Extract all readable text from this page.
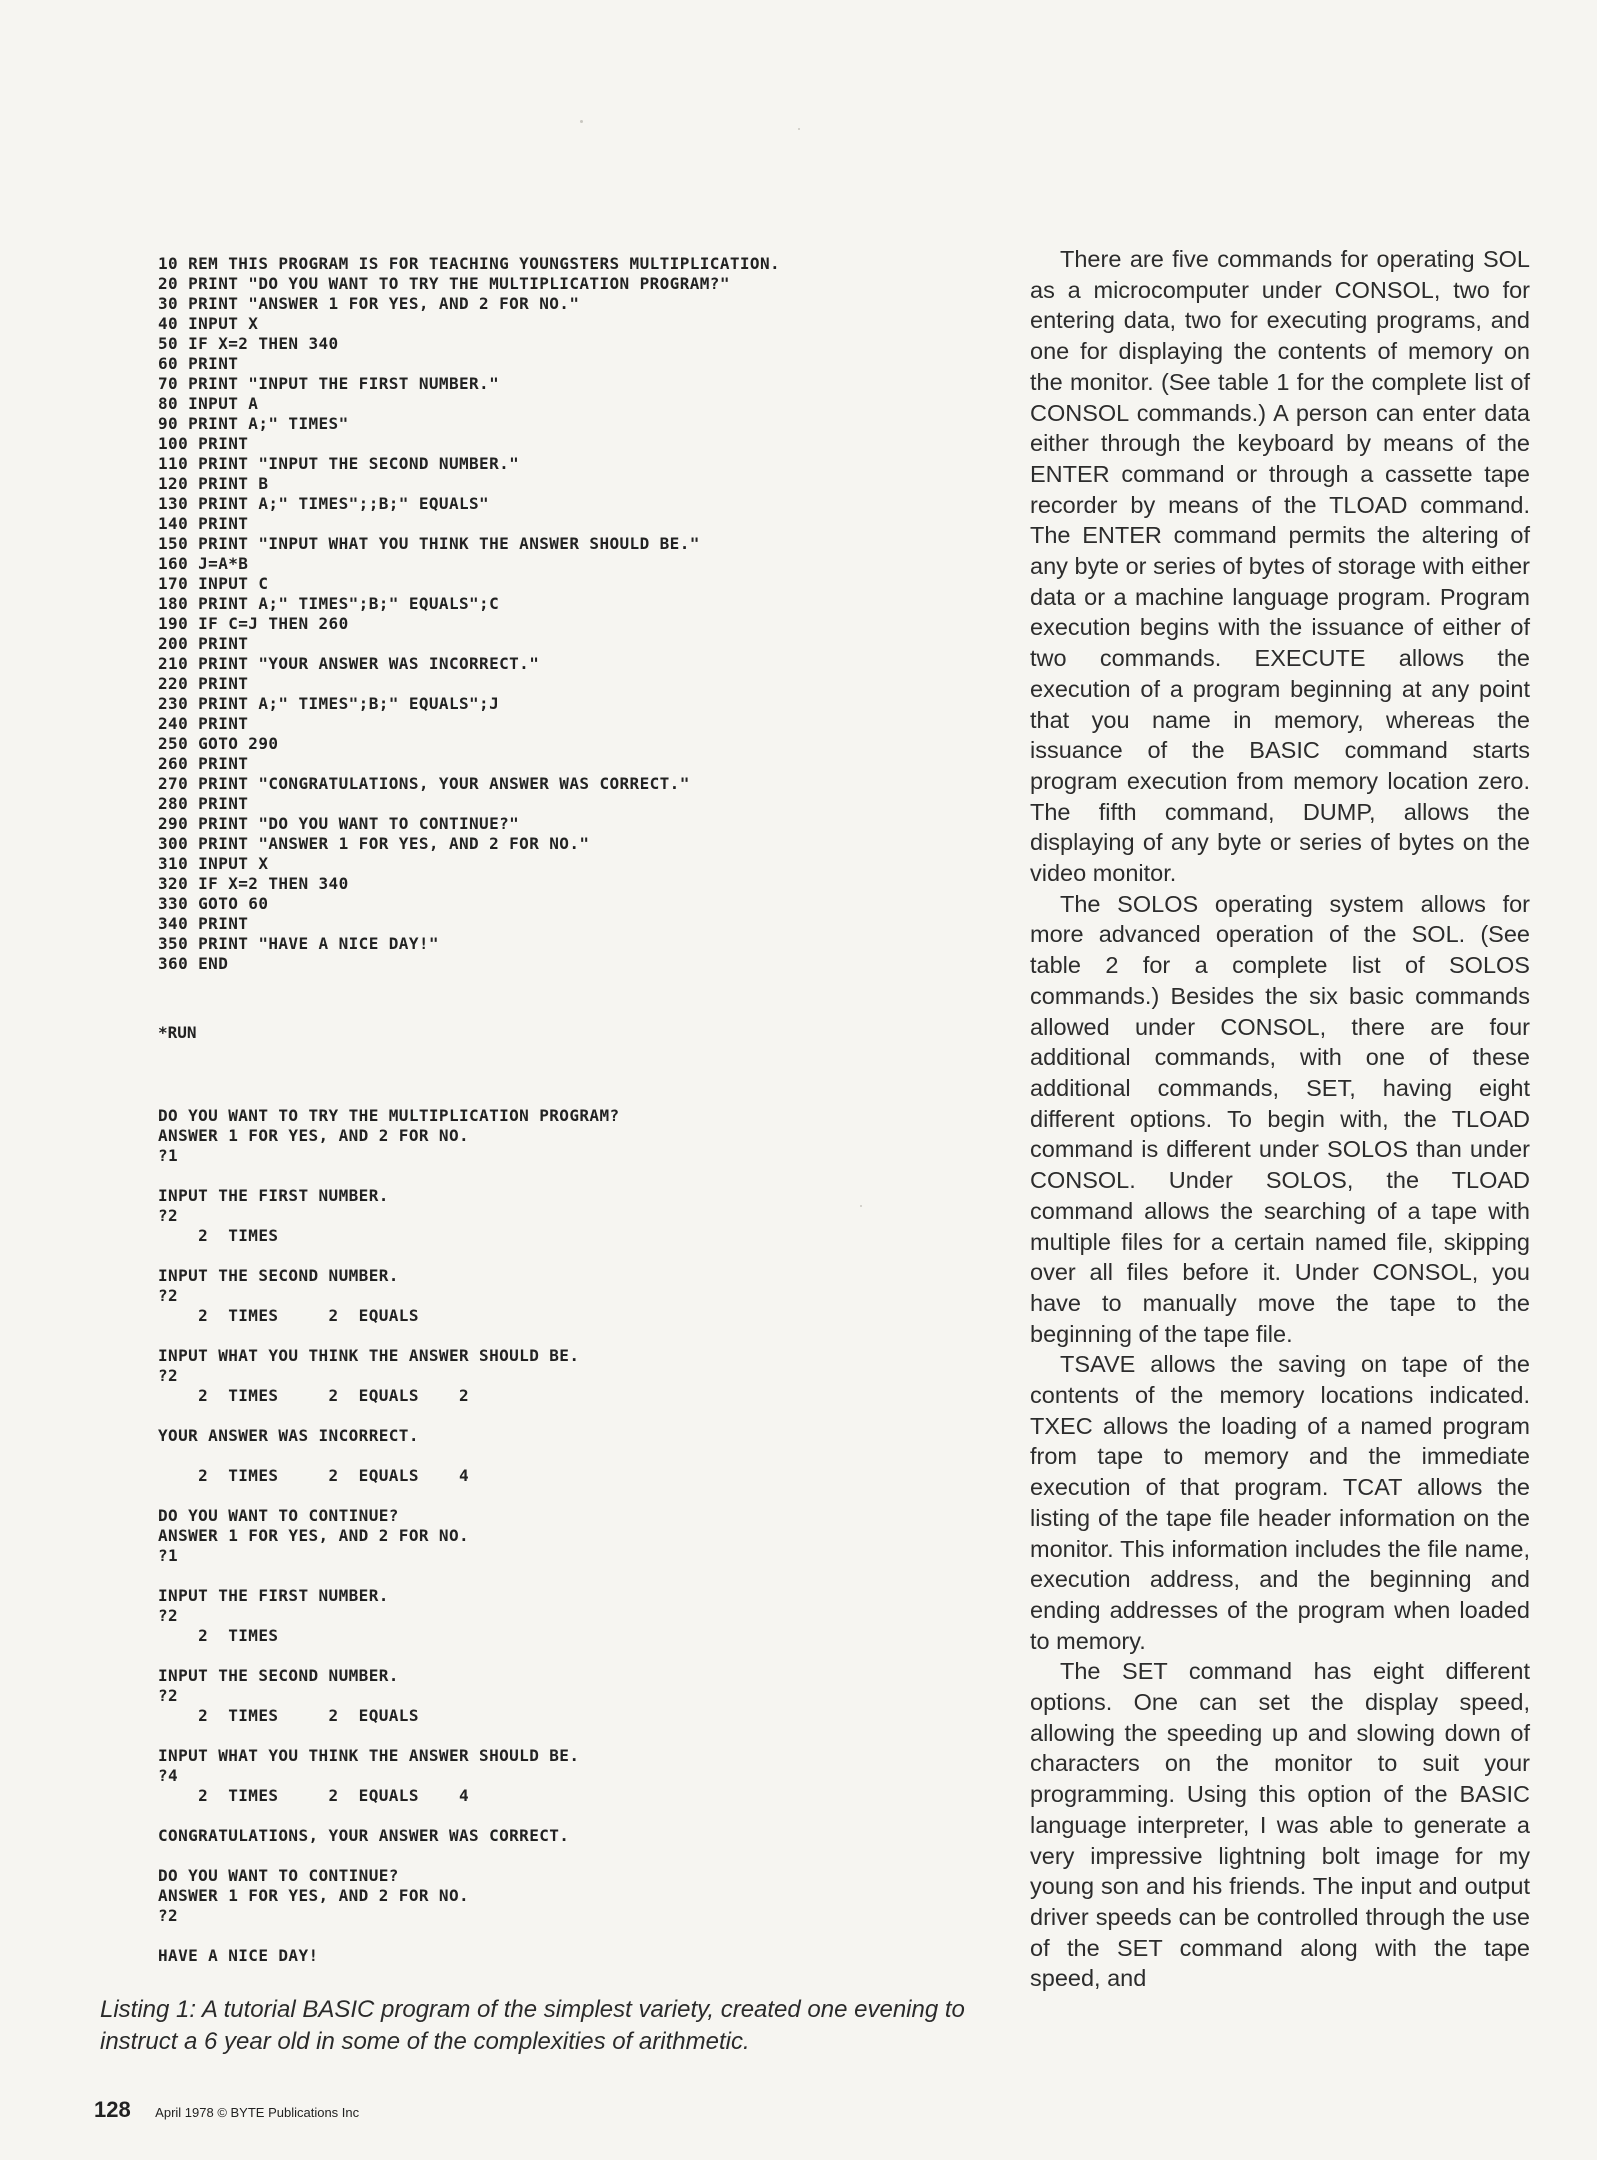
10 REM THIS PROGRAM IS FOR TEACHING YOUNGSTERS MULTIPLICATION.
20 PRINT "DO YOU WANT TO TRY THE MULTIPLICATION PROGRAM?"
30 PRINT "ANSWER 1 FOR YES, AND 2 FOR NO."
40 INPUT X
50 IF X=2 THEN 340
60 PRINT
70 PRINT "INPUT THE FIRST NUMBER."
80 INPUT A
90 PRINT A;" TIMES"
100 PRINT
110 PRINT "INPUT THE SECOND NUMBER."
120 PRINT B
130 PRINT A;" TIMES";;B;" EQUALS"
140 PRINT
150 PRINT "INPUT WHAT YOU THINK THE ANSWER SHOULD BE."
160 J=A*B
170 INPUT C
180 PRINT A;" TIMES";B;" EQUALS";C
190 IF C=J THEN 260
200 PRINT
210 PRINT "YOUR ANSWER WAS INCORRECT."
220 PRINT
230 PRINT A;" TIMES";B;" EQUALS";J
240 PRINT
250 GOTO 290
260 PRINT
270 PRINT "CONGRATULATIONS, YOUR ANSWER WAS CORRECT."
280 PRINT
290 PRINT "DO YOU WANT TO CONTINUE?"
300 PRINT "ANSWER 1 FOR YES, AND 2 FOR NO."
310 INPUT X
320 IF X=2 THEN 340
330 GOTO 60
340 PRINT
350 PRINT "HAVE A NICE DAY!"
360 END
*RUN
DO YOU WANT TO TRY THE MULTIPLICATION PROGRAM?
ANSWER 1 FOR YES, AND 2 FOR NO.
?1

INPUT THE FIRST NUMBER.
?2
2  TIMES

INPUT THE SECOND NUMBER.
?2
2  TIMES     2  EQUALS

INPUT WHAT YOU THINK THE ANSWER SHOULD BE.
?2
2  TIMES     2  EQUALS    2

YOUR ANSWER WAS INCORRECT.

2  TIMES     2  EQUALS    4

DO YOU WANT TO CONTINUE?
ANSWER 1 FOR YES, AND 2 FOR NO.
?1

INPUT THE FIRST NUMBER.
?2
2  TIMES

INPUT THE SECOND NUMBER.
?2
2  TIMES     2  EQUALS

INPUT WHAT YOU THINK THE ANSWER SHOULD BE.
?4
2  TIMES     2  EQUALS    4

CONGRATULATIONS, YOUR ANSWER WAS CORRECT.

DO YOU WANT TO CONTINUE?
ANSWER 1 FOR YES, AND 2 FOR NO.
?2

HAVE A NICE DAY!
Listing 1: A tutorial BASIC program of the simplest variety, created one evening to instruct a 6 year old in some of the complexities of arithmetic.

There are five commands for operating SOL as a microcomputer under CONSOL, two for entering data, two for executing programs, and one for displaying the contents of memory on the monitor. (See table 1 for the complete list of CONSOL commands.) A person can enter data either through the keyboard by means of the ENTER command or through a cassette tape recorder by means of the TLOAD command. The ENTER command permits the altering of any byte or series of bytes of storage with either data or a machine language program. Program execution begins with the issuance of either of two commands. EXECUTE allows the execution of a program beginning at any point that you name in memory, whereas the issuance of the BASIC command starts program execution from memory location zero. The fifth command, DUMP, allows the displaying of any byte or series of bytes on the video monitor.

The SOLOS operating system allows for more advanced operation of the SOL. (See table 2 for a complete list of SOLOS commands.) Besides the six basic commands allowed under CONSOL, there are four additional commands, with one of these additional commands, SET, having eight different options. To begin with, the TLOAD command is different under SOLOS than under CONSOL. Under SOLOS, the TLOAD command allows the searching of a tape with multiple files for a certain named file, skipping over all files before it. Under CONSOL, you have to manually move the tape to the beginning of the tape file.

TSAVE allows the saving on tape of the contents of the memory locations indicated. TXEC allows the loading of a named program from tape to memory and the immediate execution of that program. TCAT allows the listing of the tape file header information on the monitor. This information includes the file name, execution address, and the beginning and ending addresses of the program when loaded to memory.

The SET command has eight different options. One can set the display speed, allowing the speeding up and slowing down of characters on the monitor to suit your programming. Using this option of the BASIC language interpreter, I was able to generate a very impressive lightning bolt image for my young son and his friends. The input and output driver speeds can be controlled through the use of the SET command along with the tape speed, and

128 April 1978 © BYTE Publications Inc
